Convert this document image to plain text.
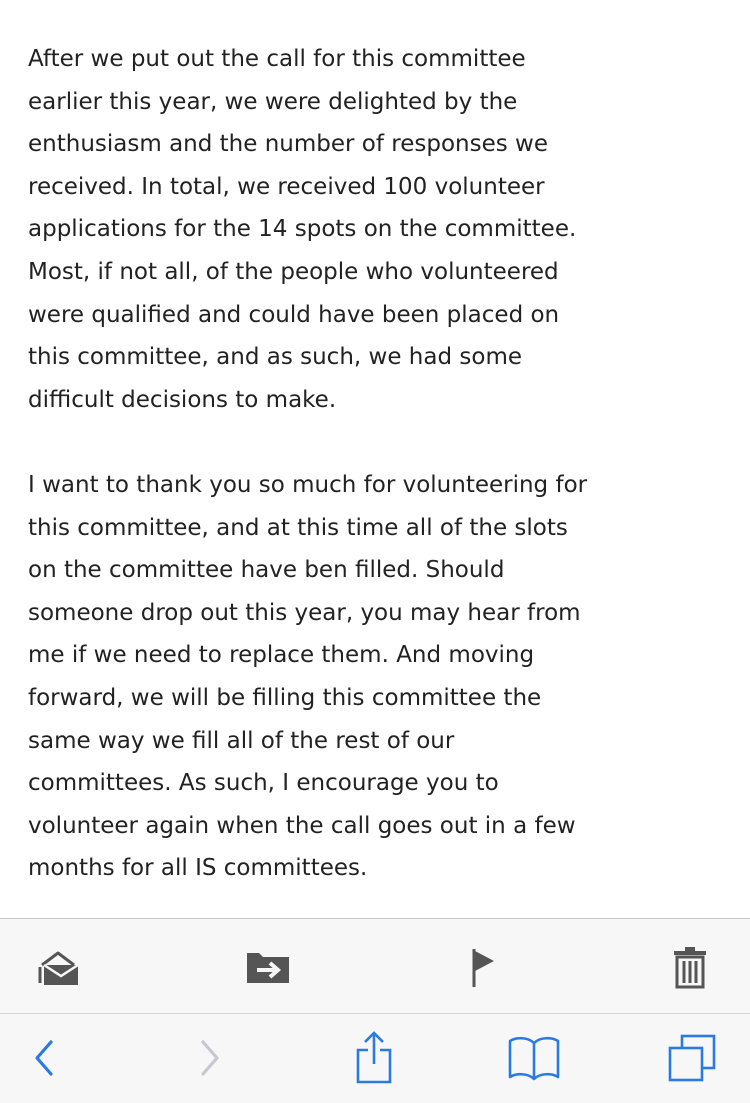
After we put out the call for this committee
earlier this year, we were delighted by the
enthusiasm and the number of responses we
received. In total, we received 100 volunteer
applications for the 14 spots on the committee.
Most, if not all, of the people who volunteered
were qualified and could have been placed on
this committee, and as such, we had some
difficult decisions to make.
I want to thank you so much for volunteering for
this committee, and at this time all of the slots
on the committee have ben filled. Should
someone drop out this year, you may hear from
me if we need to replace them. And moving
forward, we will be filling this committee the
same way we fill all of the rest of our
committees. As such, I encourage you to
volunteer again when the call goes out in a few
months for all IS committees.
